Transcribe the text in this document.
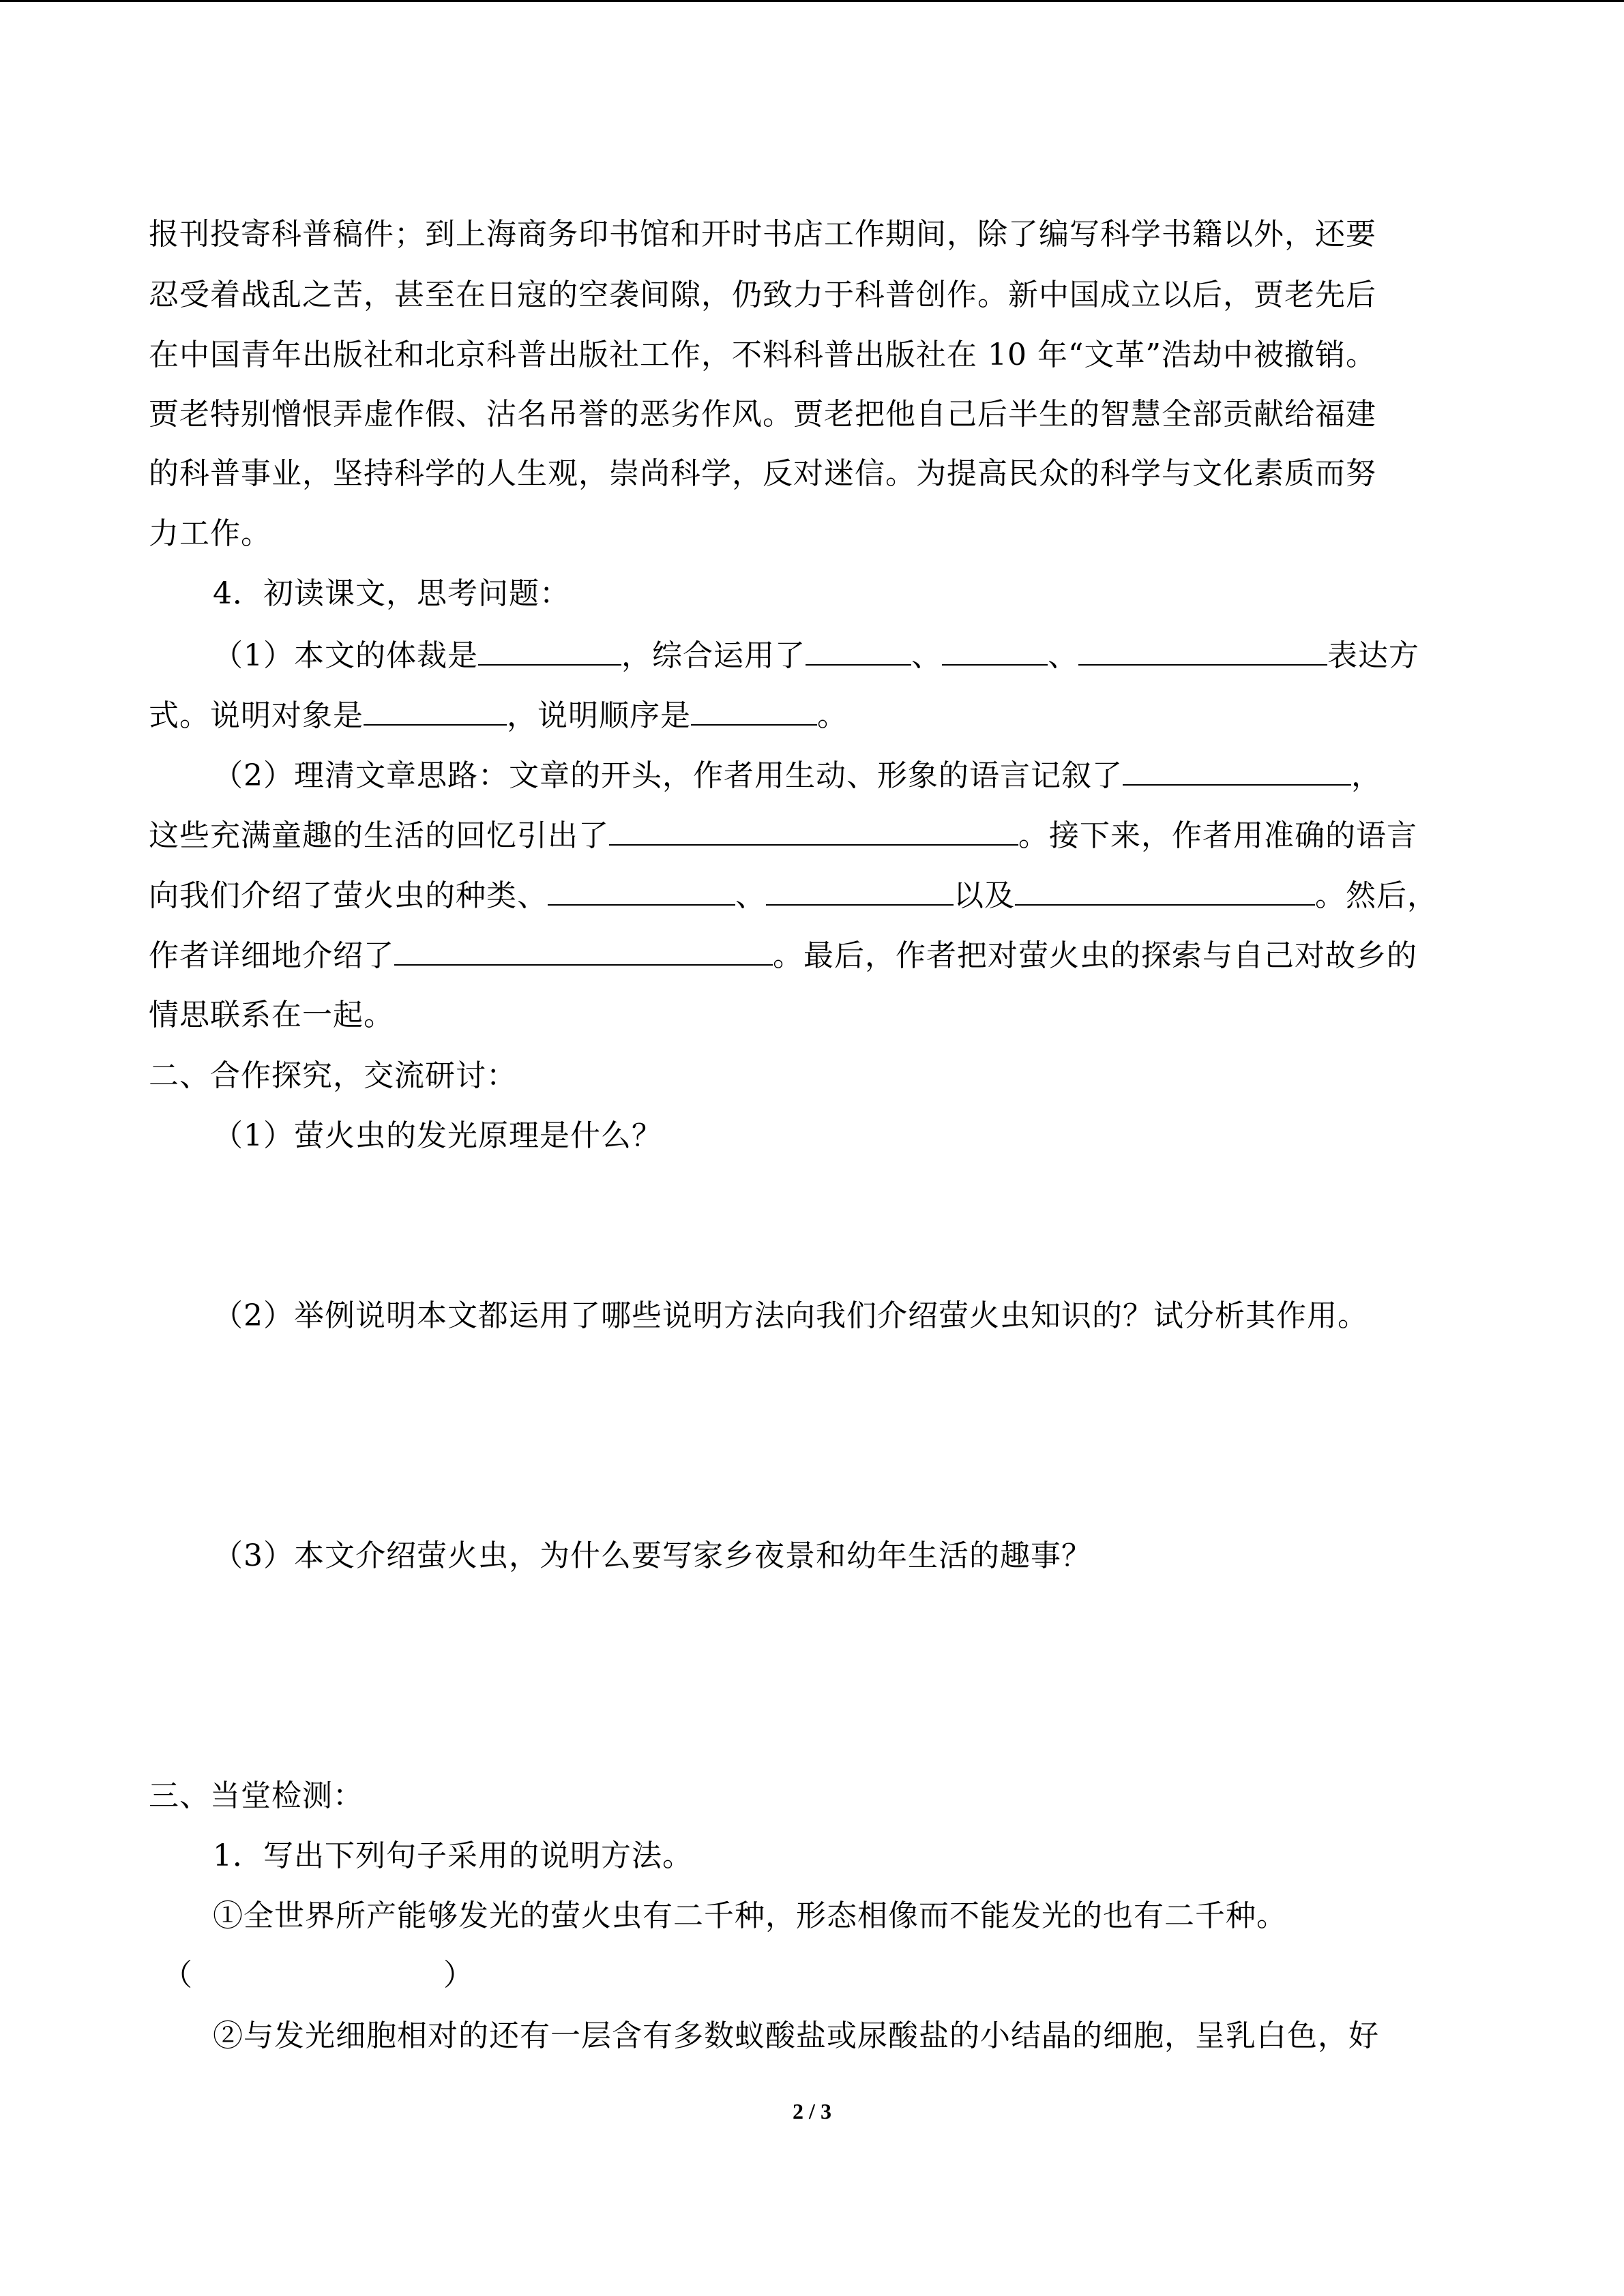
报刊投寄科普稿件；到上海商务印书馆和开时书店工作期间，除了编写科学书籍以外，还要
忍受着战乱之苦，甚至在日寇的空袭间隙，仍致力于科普创作。新中国成立以后，贾老先后
在中国青年出版社和北京科普出版社工作，不料科普出版社在 10 年“文革”浩劫中被撤销。
贾老特别憎恨弄虚作假、沽名吊誉的恶劣作风。贾老把他自己后半生的智慧全部贡献给福建
的科普事业，坚持科学的人生观，崇尚科学，反对迷信。为提高民众的科学与文化素质而努
力工作。
4．初读课文，思考问题：
（1）本文的体裁是	，综合运用了	、	、	表达方
式。说明对象是	，说明顺序是	。
（2）理清文章思路：文章的开头，作者用生动、形象的语言记叙了	，
这些充满童趣的生活的回忆引出了	。接下来，作者用准确的语言
向我们介绍了萤火虫的种类、	、	以及	。然后，
作者详细地介绍了	。最后，作者把对萤火虫的探索与自己对故乡的
情思联系在一起。
二、合作探究，交流研讨：
（1）萤火虫的发光原理是什么？
（2）举例说明本文都运用了哪些说明方法向我们介绍萤火虫知识的？试分析其作用。
（3）本文介绍萤火虫，为什么要写家乡夜景和幼年生活的趣事？
三、当堂检测：
1．写出下列句子采用的说明方法。
①全世界所产能够发光的萤火虫有二千种，形态相像而不能发光的也有二千种。
（	）
②与发光细胞相对的还有一层含有多数蚁酸盐或尿酸盐的小结晶的细胞，呈乳白色，好
2 / 3
